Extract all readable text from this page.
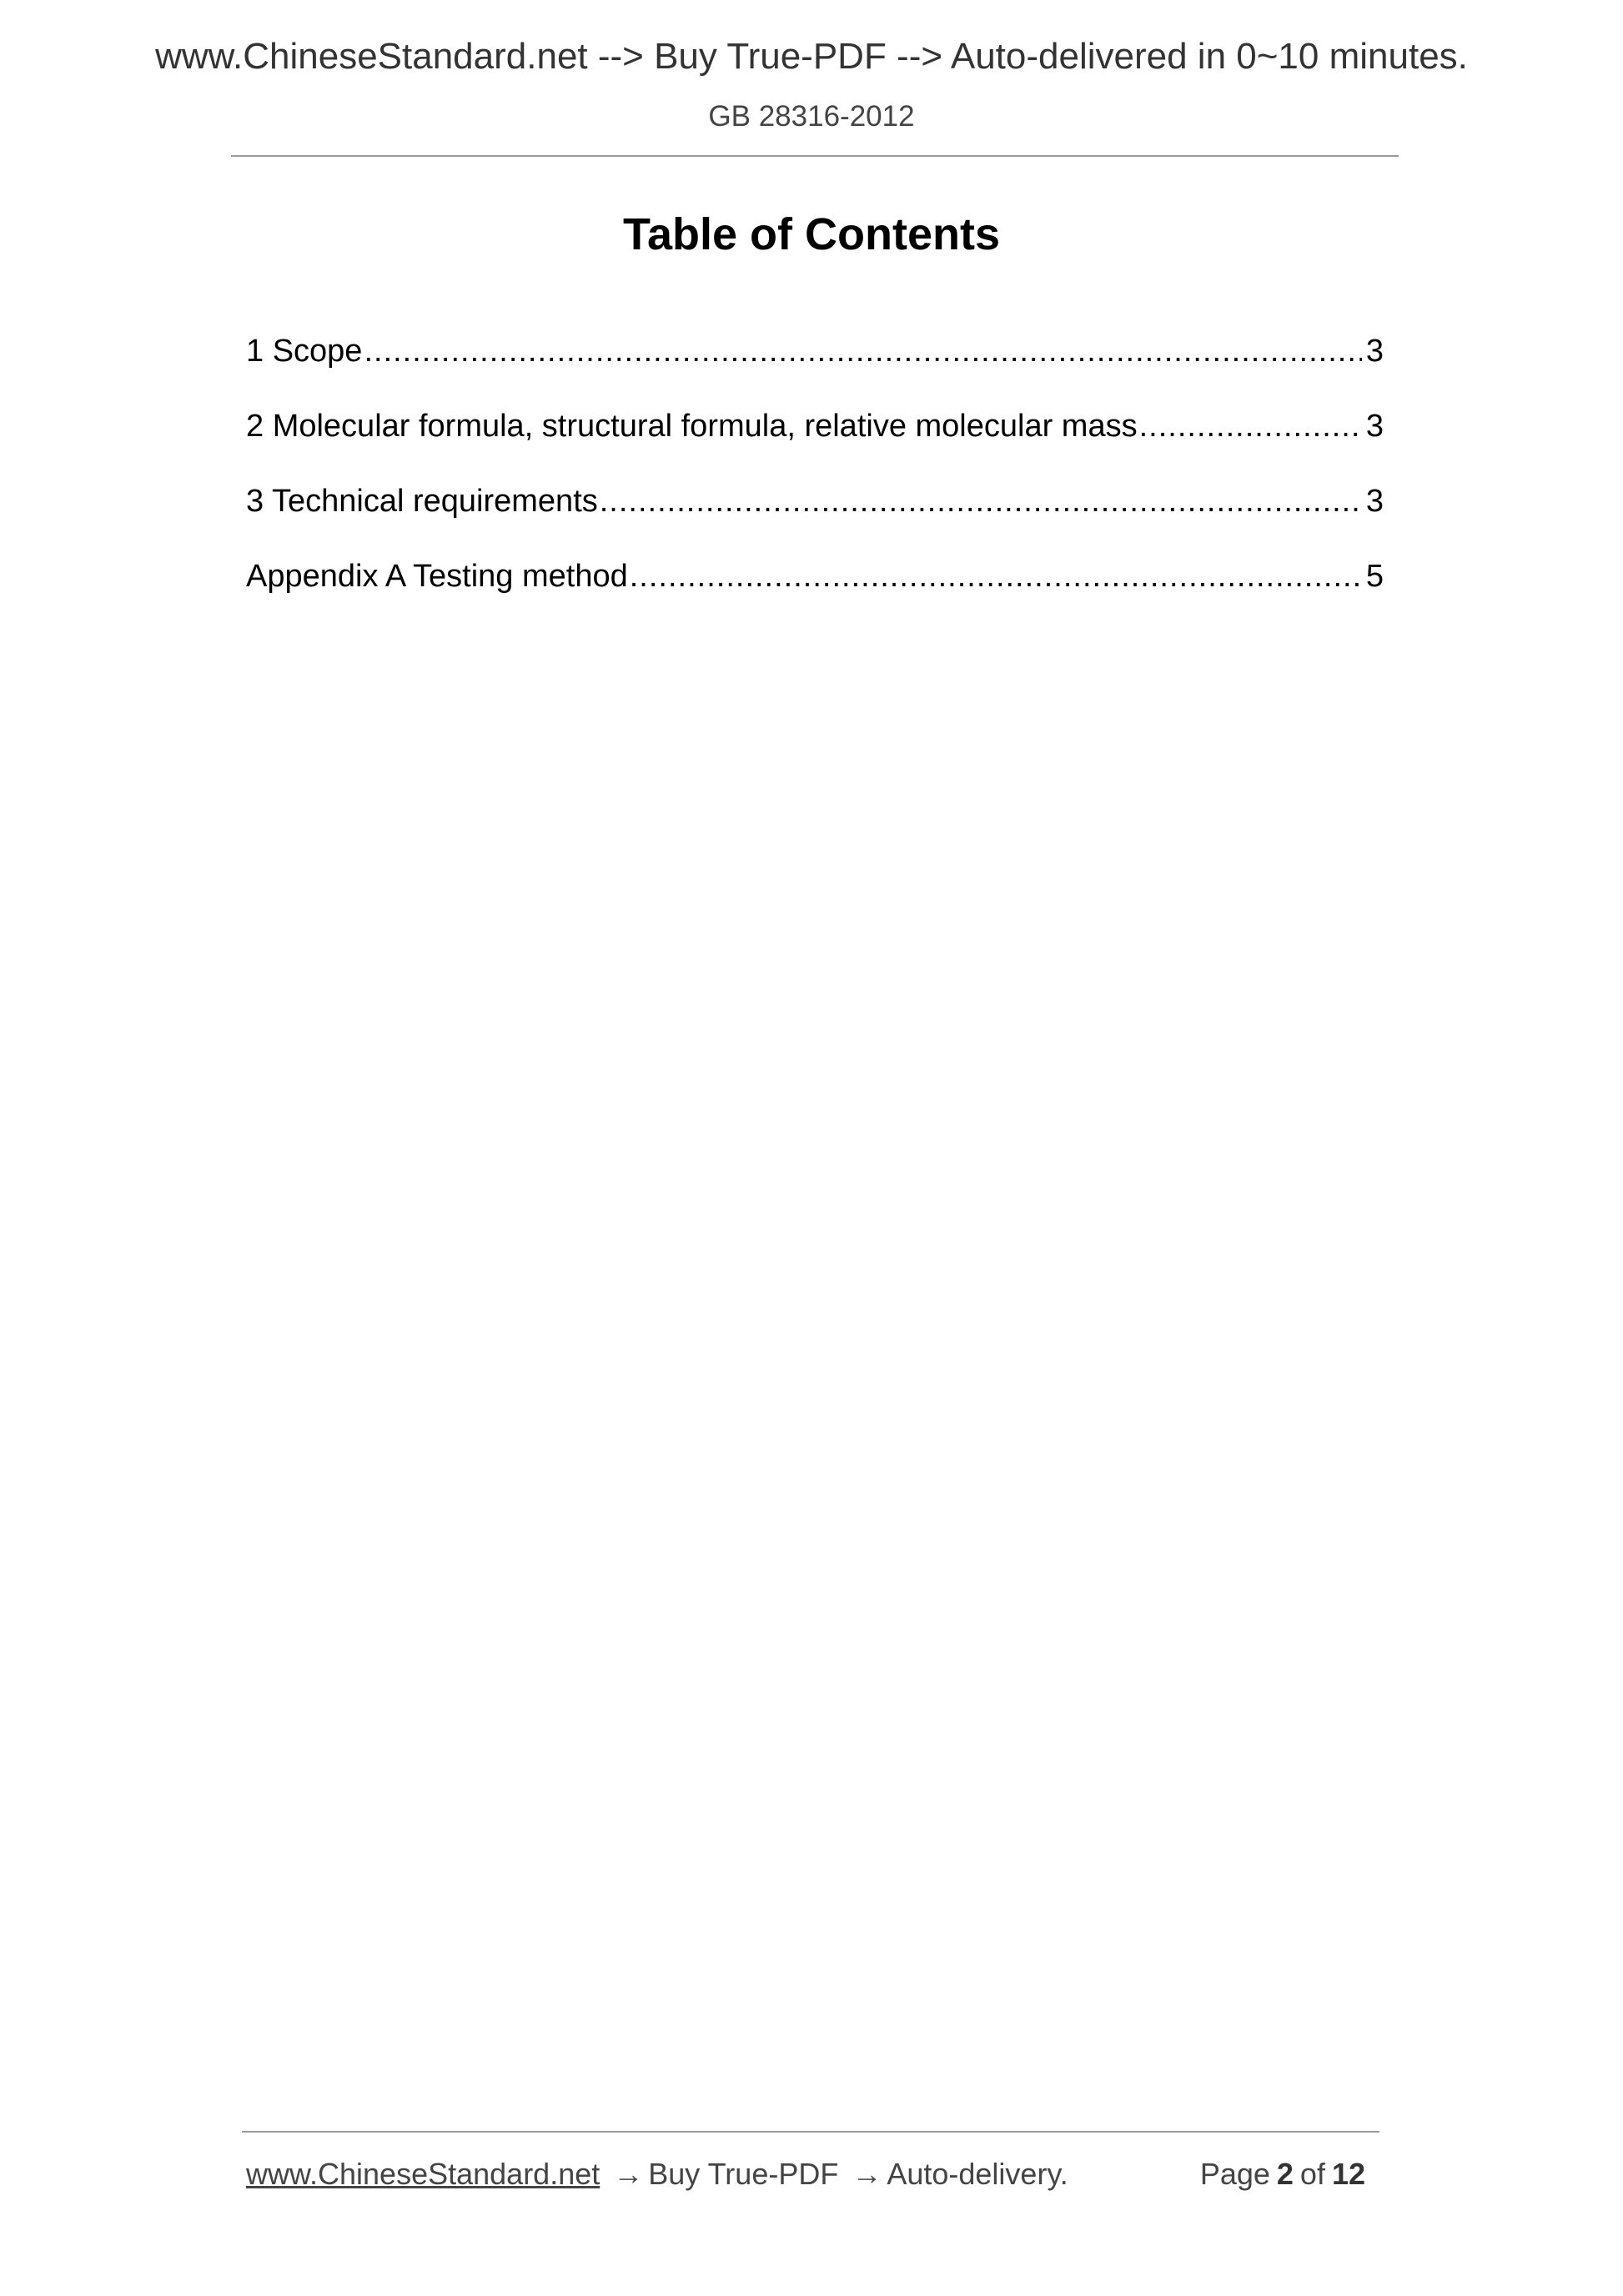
www.ChineseStandard.net --> Buy True-PDF --> Auto-delivered in 0~10 minutes.
GB 28316-2012
Table of Contents
1 Scope .....	3
2 Molecular formula, structural formula, relative molecular mass .....	3
3 Technical requirements .....	3
Appendix A Testing method .....	5
www.ChineseStandard.net → Buy True-PDF → Auto-delivery.	Page 2 of 12
